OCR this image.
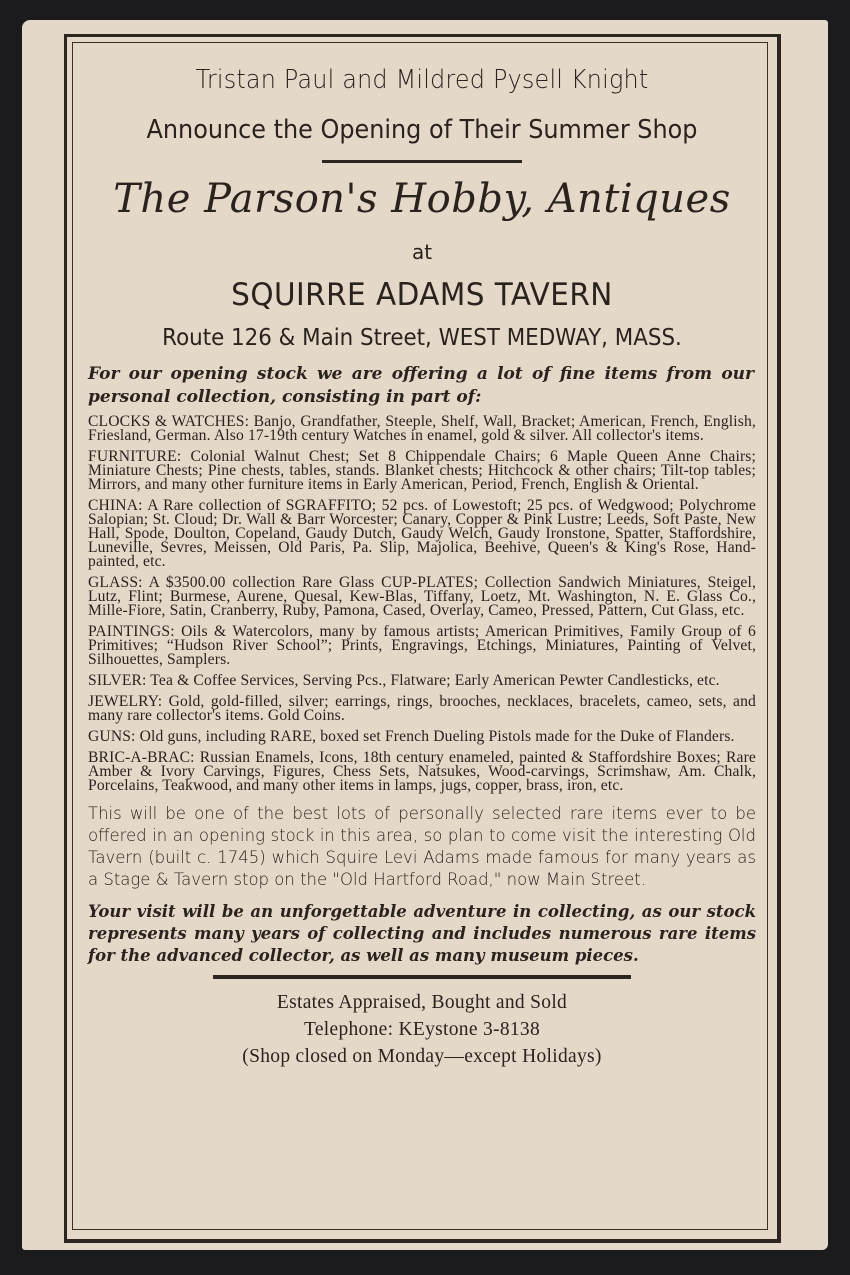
Tristan Paul and Mildred Pysell Knight
Announce the Opening of Their Summer Shop
The Parson's Hobby, Antiques
at
SQUIRRE ADAMS TAVERN
Route 126 & Main Street, WEST MEDWAY, MASS.
For our opening stock we are offering a lot of fine items from our personal collection, consisting in part of:
CLOCKS & WATCHES: Banjo, Grandfather, Steeple, Shelf, Wall, Bracket; American, French, English, Friesland, German. Also 17-19th century Watches in enamel, gold & silver. All collector's items.
FURNITURE: Colonial Walnut Chest; Set 8 Chippendale Chairs; 6 Maple Queen Anne Chairs; Miniature Chests; Pine chests, tables, stands. Blanket chests; Hitchcock & other chairs; Tilt-top tables; Mirrors, and many other furniture items in Early American, Period, French, English & Oriental.
CHINA: A Rare collection of SGRAFFITO; 52 pcs. of Lowestoft; 25 pcs. of Wedgwood; Polychrome Salopian; St. Cloud; Dr. Wall & Barr Worcester; Canary, Copper & Pink Lustre; Leeds, Soft Paste, New Hall, Spode, Doulton, Copeland, Gaudy Dutch, Gaudy Welch, Gaudy Ironstone, Spatter, Staffordshire, Luneville, Sevres, Meissen, Old Paris, Pa. Slip, Majolica, Beehive, Queen's & King's Rose, Hand-painted, etc.
GLASS: A $3500.00 collection Rare Glass CUP-PLATES; Collection Sandwich Miniatures, Steigel, Lutz, Flint; Burmese, Aurene, Quesal, Kew-Blas, Tiffany, Loetz, Mt. Washington, N. E. Glass Co., Mille-Fiore, Satin, Cranberry, Ruby, Pamona, Cased, Overlay, Cameo, Pressed, Pattern, Cut Glass, etc.
PAINTINGS: Oils & Watercolors, many by famous artists; American Primitives, Family Group of 6 Primitives; “Hudson River School”; Prints, Engravings, Etchings, Miniatures, Painting of Velvet, Silhouettes, Samplers.
SILVER: Tea & Coffee Services, Serving Pcs., Flatware; Early American Pewter Candlesticks, etc.
JEWELRY: Gold, gold-filled, silver; earrings, rings, brooches, necklaces, bracelets, cameo, sets, and many rare collector's items. Gold Coins.
GUNS: Old guns, including RARE, boxed set French Dueling Pistols made for the Duke of Flanders.
BRIC-A-BRAC: Russian Enamels, Icons, 18th century enameled, painted & Staffordshire Boxes; Rare Amber & Ivory Carvings, Figures, Chess Sets, Natsukes, Wood-carvings, Scrimshaw, Am. Chalk, Porcelains, Teakwood, and many other items in lamps, jugs, copper, brass, iron, etc.
This will be one of the best lots of personally selected rare items ever to be offered in an opening stock in this area, so plan to come visit the interesting Old Tavern (built c. 1745) which Squire Levi Adams made famous for many years as a Stage & Tavern stop on the "Old Hartford Road," now Main Street.
Your visit will be an unforgettable adventure in collecting, as our stock represents many years of collecting and includes numerous rare items for the advanced collector, as well as many museum pieces.
Estates Appraised, Bought and Sold
Telephone: KEystone 3-8138
(Shop closed on Monday—except Holidays)
